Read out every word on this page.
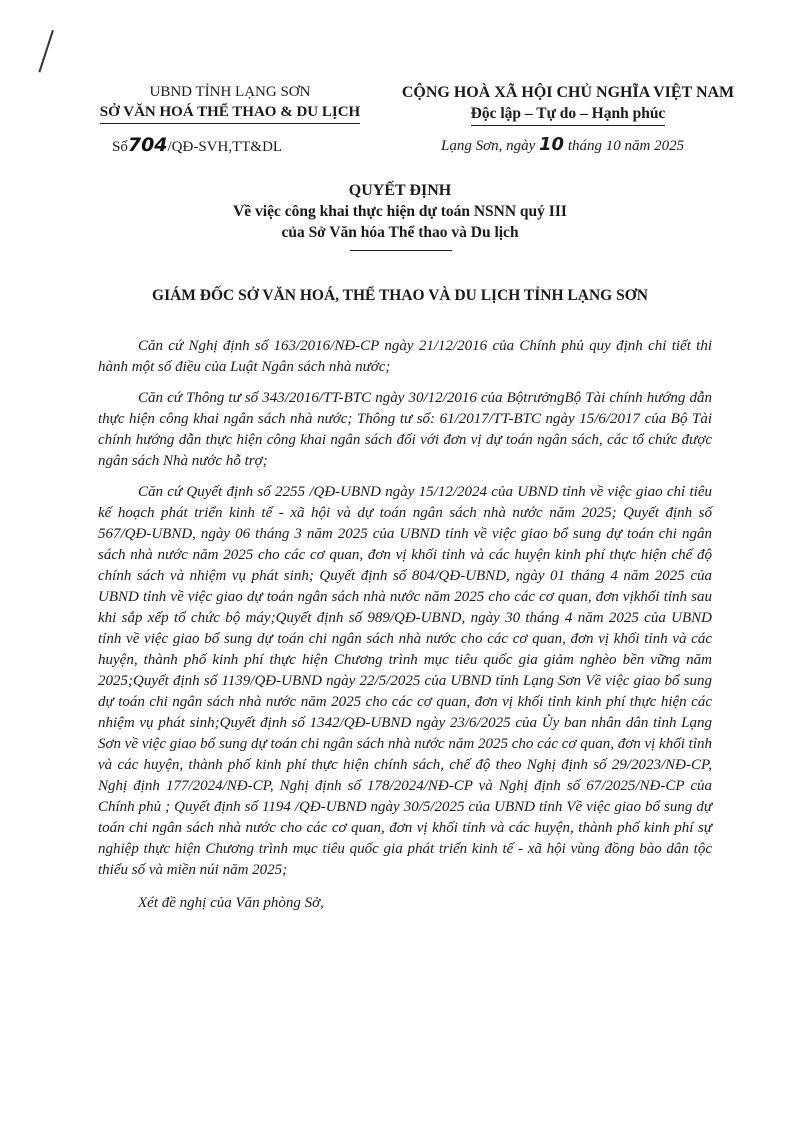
UBND TỈNH LẠNG SƠN
SỞ VĂN HOÁ THỂ THAO & DU LỊCH
CỘNG HOÀ XÃ HỘI CHỦ NGHĨA VIỆT NAM
Độc lập – Tự do – Hạnh phúc
Số704/QĐ-SVH,TT&DL	Lạng Sơn, ngày 10 tháng 10 năm 2025
QUYẾT ĐỊNH
Về việc công khai thực hiện dự toán NSNN quý III
của Sở Văn hóa Thể thao và Du lịch
GIÁM ĐỐC SỞ VĂN HOÁ, THỂ THAO VÀ DU LỊCH TỈNH LẠNG SƠN

Căn cứ Nghị định số 163/2016/NĐ-CP ngày 21/12/2016 của Chính phủ quy định chi tiết thi hành một số điều của Luật Ngân sách nhà nước;

Căn cứ Thông tư số 343/2016/TT-BTC ngày 30/12/2016 của BộtrưởngBộ Tài chính hướng dẫn thực hiện công khai ngân sách nhà nước; Thông tư số: 61/2017/TT-BTC ngày 15/6/2017 của Bộ Tài chính hướng dẫn thực hiện công khai ngân sách đối với đơn vị dự toán ngân sách, các tổ chức được ngân sách Nhà nước hỗ trợ;

Căn cứ Quyết định số 2255 /QĐ-UBND ngày 15/12/2024 của UBND tỉnh về việc giao chỉ tiêu kế hoạch phát triển kinh tế - xã hội và dự toán ngân sách nhà nước năm 2025; Quyết định số 567/QĐ-UBND, ngày 06 tháng 3 năm 2025 của UBND tỉnh về việc giao bổ sung dự toán chi ngân sách nhà nước năm 2025 cho các cơ quan, đơn vị khối tỉnh và các huyện kinh phí thực hiện chế độ chính sách và nhiệm vụ phát sinh; Quyết định số 804/QĐ-UBND, ngày 01 tháng 4 năm 2025 của UBND tỉnh về việc giao dự toán ngân sách nhà nước năm 2025 cho các cơ quan, đơn vịkhối tỉnh sau khi sắp xếp tổ chức bộ máy;Quyết định số 989/QĐ-UBND, ngày 30 tháng 4 năm 2025 của UBND tỉnh về việc giao bổ sung dự toán chi ngân sách nhà nước cho các cơ quan, đơn vị khối tỉnh và các huyện, thành phố kinh phí thực hiện Chương trình mục tiêu quốc gia giảm nghèo bền vững năm 2025;Quyết định số 1139/QĐ-UBND ngày 22/5/2025 của UBND tỉnh Lạng Sơn Về việc giao bổ sung dự toán chi ngân sách nhà nước năm 2025 cho các cơ quan, đơn vị khối tỉnh kinh phí thực hiện các nhiệm vụ phát sinh;Quyết định số 1342/QĐ-UBND ngày 23/6/2025 của Ủy ban nhân dân tỉnh Lạng Sơn về việc giao bổ sung dự toán chi ngân sách nhà nước năm 2025 cho các cơ quan, đơn vị khối tỉnh và các huyện, thành phố kinh phí thực hiện chính sách, chế độ theo Nghị định số 29/2023/NĐ-CP, Nghị định 177/2024/NĐ-CP, Nghị định số 178/2024/NĐ-CP và Nghị định số 67/2025/NĐ-CP của Chính phủ ; Quyết định số 1194 /QĐ-UBND ngày 30/5/2025 của UBND tỉnh Về việc giao bổ sung dự toán chi ngân sách nhà nước cho các cơ quan, đơn vị khối tỉnh và các huyện, thành phố kinh phí sự nghiệp thực hiện Chương trình mục tiêu quốc gia phát triển kinh tế - xã hội vùng đồng bào dân tộc thiểu số và miền núi năm 2025;

Xét đề nghị của Văn phòng Sở,
